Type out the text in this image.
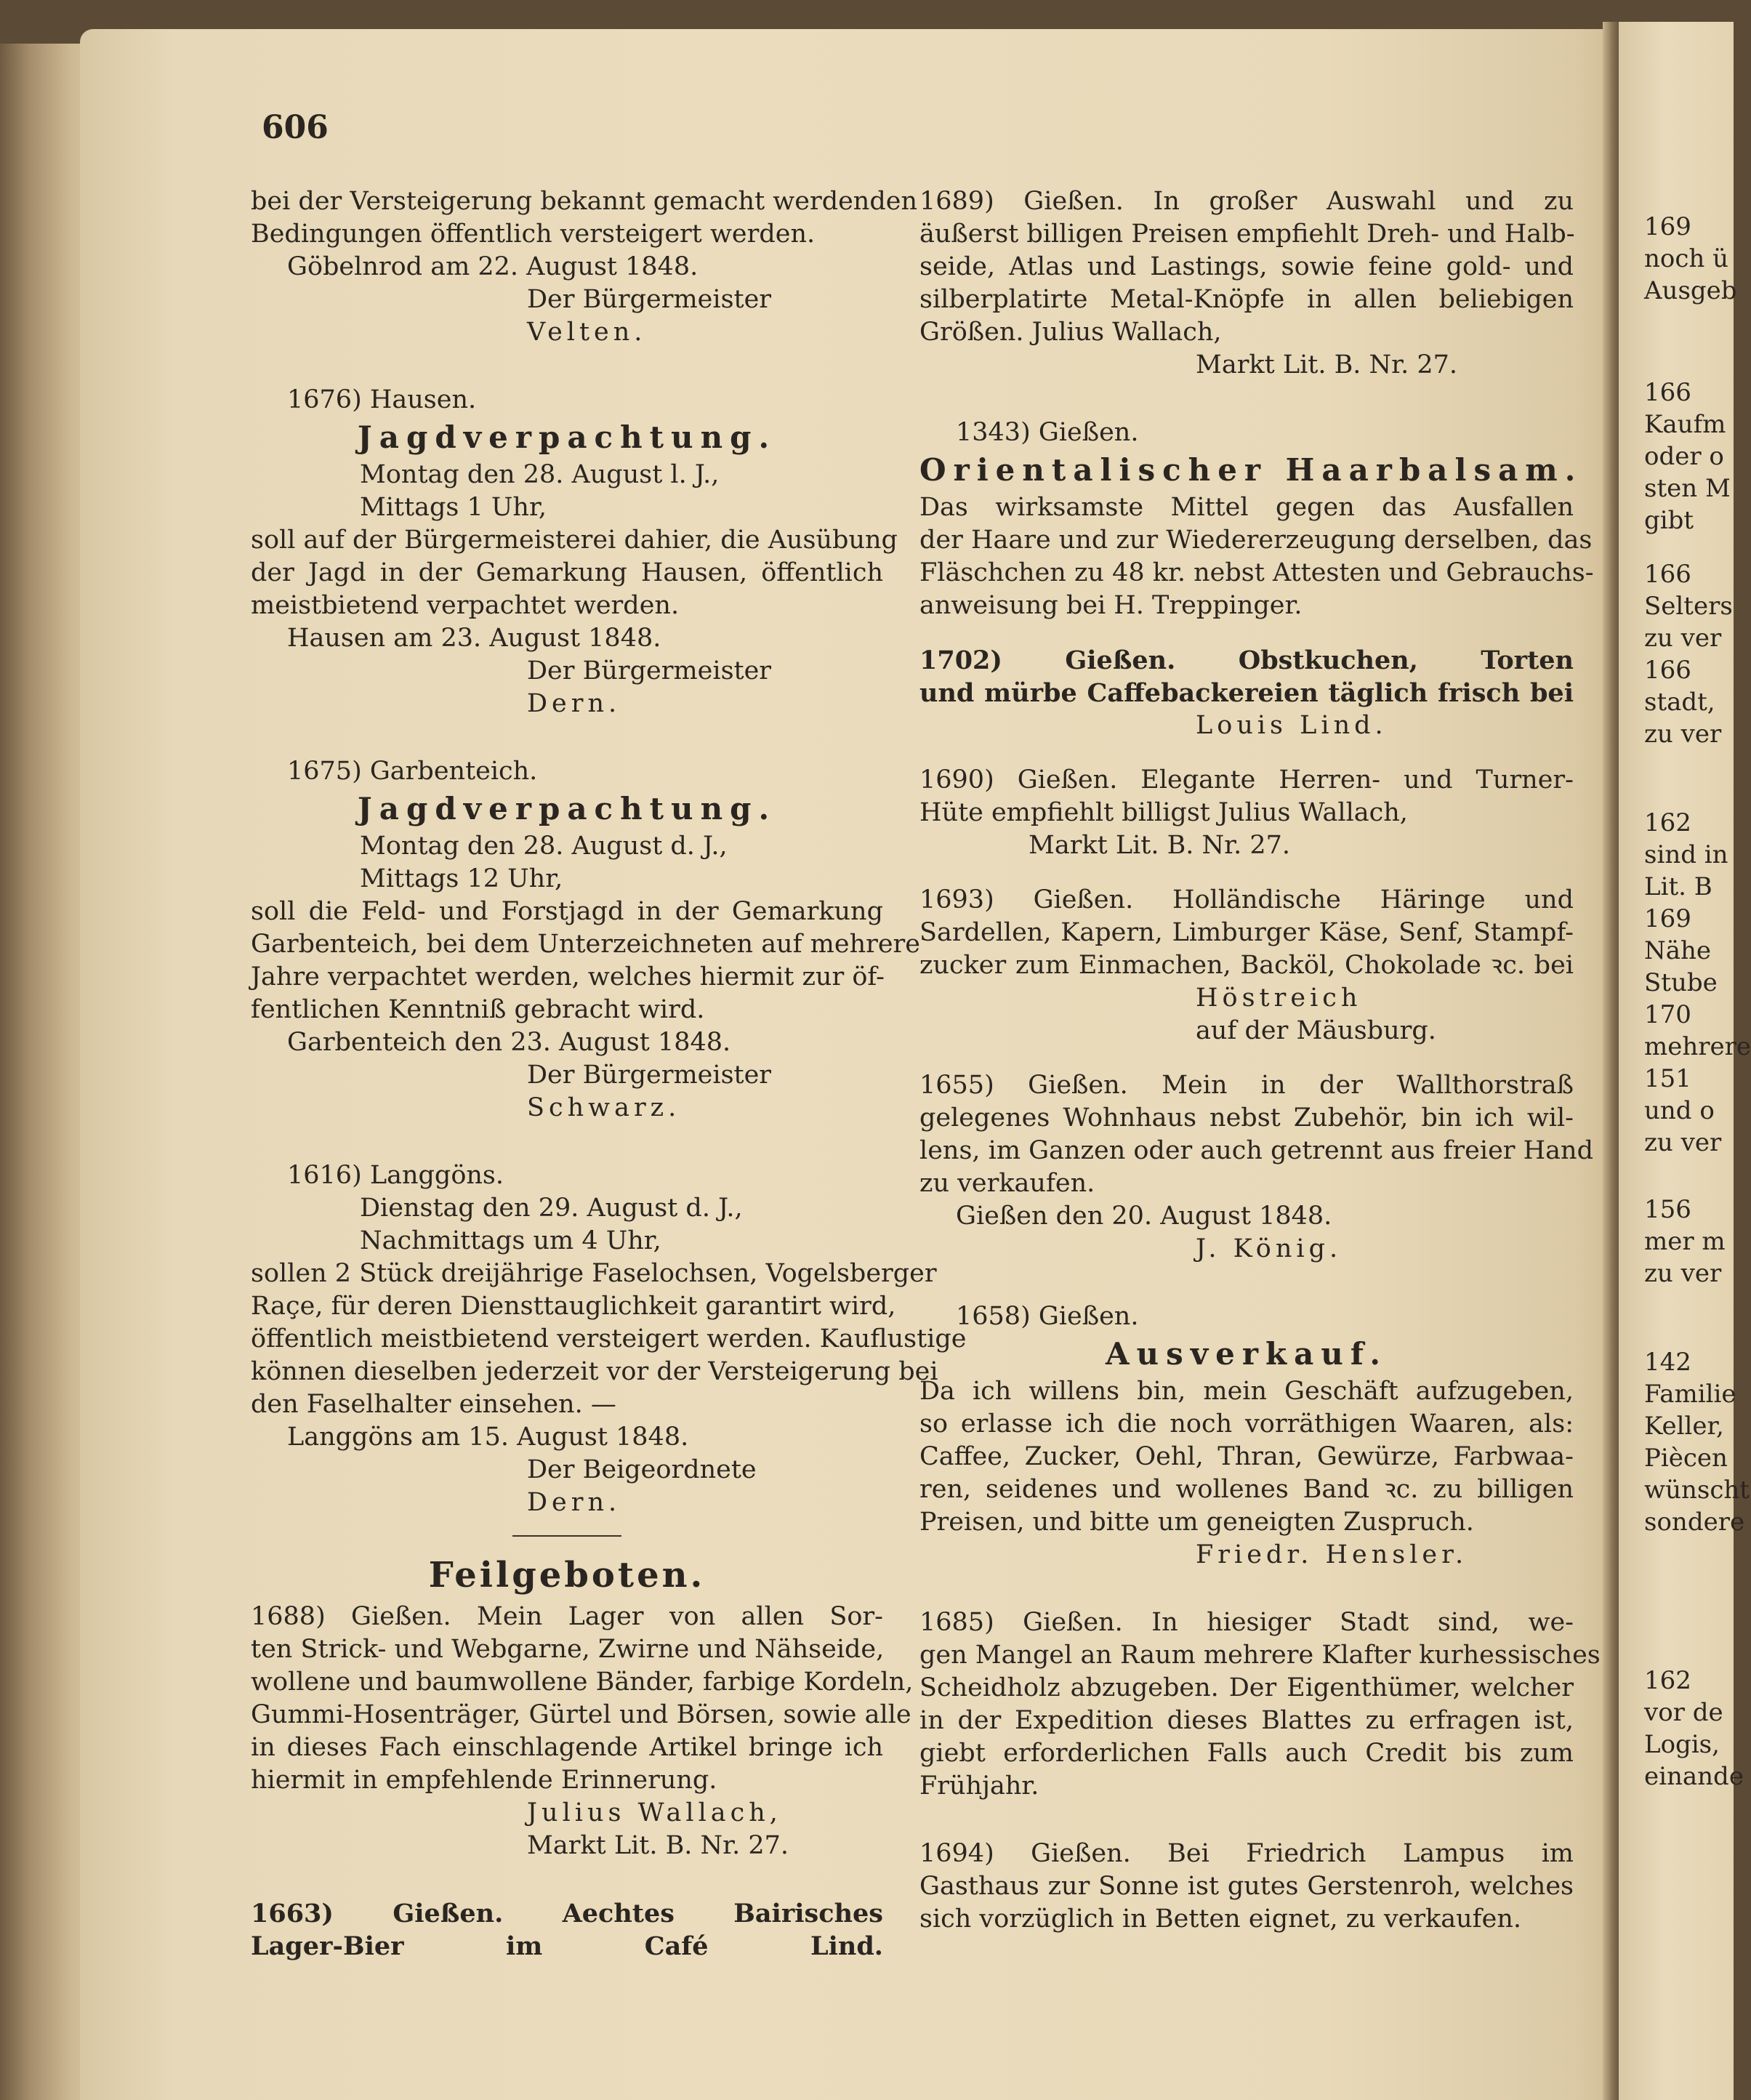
606
bei der Versteigerung bekannt gemacht werdenden
Bedingungen öffentlich versteigert werden.
Göbelnrod am 22. August 1848.
Der Bürgermeister
Velten.
1676) Hausen.
Jagdverpachtung.
Montag den 28. August l. J.,
Mittags 1 Uhr,
soll auf der Bürgermeisterei dahier, die Ausübung
der Jagd in der Gemarkung Hausen, öffentlich
meistbietend verpachtet werden.
Hausen am 23. August 1848.
Der Bürgermeister
Dern.
1675) Garbenteich.
Jagdverpachtung.
Montag den 28. August d. J.,
Mittags 12 Uhr,
soll die Feld- und Forstjagd in der Gemarkung
Garbenteich, bei dem Unterzeichneten auf mehrere
Jahre verpachtet werden, welches hiermit zur öf-
fentlichen Kenntniß gebracht wird.
Garbenteich den 23. August 1848.
Der Bürgermeister
Schwarz.
1616) Langgöns.
Dienstag den 29. August d. J.,
Nachmittags um 4 Uhr,
sollen 2 Stück dreijährige Faselochsen, Vogelsberger
Raçe, für deren Diensttauglichkeit garantirt wird,
öffentlich meistbietend versteigert werden. Kauflustige
können dieselben jederzeit vor der Versteigerung bei
den Faselhalter einsehen. —
Langgöns am 15. August 1848.
Der Beigeordnete
Dern.
Feilgeboten.
1688) Gießen. Mein Lager von allen Sor-
ten Strick- und Webgarne, Zwirne und Nähseide,
wollene und baumwollene Bänder, farbige Kordeln,
Gummi-Hosenträger, Gürtel und Börsen, sowie alle
in dieses Fach einschlagende Artikel bringe ich
hiermit in empfehlende Erinnerung.
Julius Wallach,
Markt Lit. B. Nr. 27.
1663) Gießen. Aechtes Bairisches
Lager-Bier im Café Lind.
1689) Gießen. In großer Auswahl und zu
äußerst billigen Preisen empfiehlt Dreh- und Halb-
seide, Atlas und Lastings, sowie feine gold- und
silberplatirte Metal-Knöpfe in allen beliebigen
Größen. Julius Wallach,
Markt Lit. B. Nr. 27.
1343) Gießen.
Orientalischer Haarbalsam.
Das wirksamste Mittel gegen das Ausfallen
der Haare und zur Wiedererzeugung derselben, das
Fläschchen zu 48 kr. nebst Attesten und Gebrauchs-
anweisung bei H. Treppinger.
1702) Gießen. Obstkuchen, Torten
und mürbe Caffebackereien täglich frisch bei
Louis Lind.
1690) Gießen. Elegante Herren- und Turner-
Hüte empfiehlt billigst Julius Wallach,
Markt Lit. B. Nr. 27.
1693) Gießen. Holländische Häringe und
Sardellen, Kapern, Limburger Käse, Senf, Stampf-
zucker zum Einmachen, Backöl, Chokolade ꝛc. bei
Höstreich
auf der Mäusburg.
1655) Gießen. Mein in der Wallthorstraß
gelegenes Wohnhaus nebst Zubehör, bin ich wil-
lens, im Ganzen oder auch getrennt aus freier Hand
zu verkaufen.
Gießen den 20. August 1848.
J. König.
1658) Gießen.
Ausverkauf.
Da ich willens bin, mein Geschäft aufzugeben,
so erlasse ich die noch vorräthigen Waaren, als:
Caffee, Zucker, Oehl, Thran, Gewürze, Farbwaa-
ren, seidenes und wollenes Band ꝛc. zu billigen
Preisen, und bitte um geneigten Zuspruch.
Friedr. Hensler.
1685) Gießen. In hiesiger Stadt sind, we-
gen Mangel an Raum mehrere Klafter kurhessisches
Scheidholz abzugeben. Der Eigenthümer, welcher
in der Expedition dieses Blattes zu erfragen ist,
giebt erforderlichen Falls auch Credit bis zum
Frühjahr.
1694) Gießen. Bei Friedrich Lampus im
Gasthaus zur Sonne ist gutes Gerstenroh, welches
sich vorzüglich in Betten eignet, zu verkaufen.
169
noch ü
Ausgeb
166
Kaufm
oder o
sten M
gibt
166
Selters
zu ver
166
stadt,
zu ver
162
sind in
Lit. B
169
Nähe
Stube
170
mehrere
151
und o
zu ver
156
mer m
zu ver
142
Familie
Keller,
Piècen
wünscht
sondere
162
vor de
Logis,
einande
